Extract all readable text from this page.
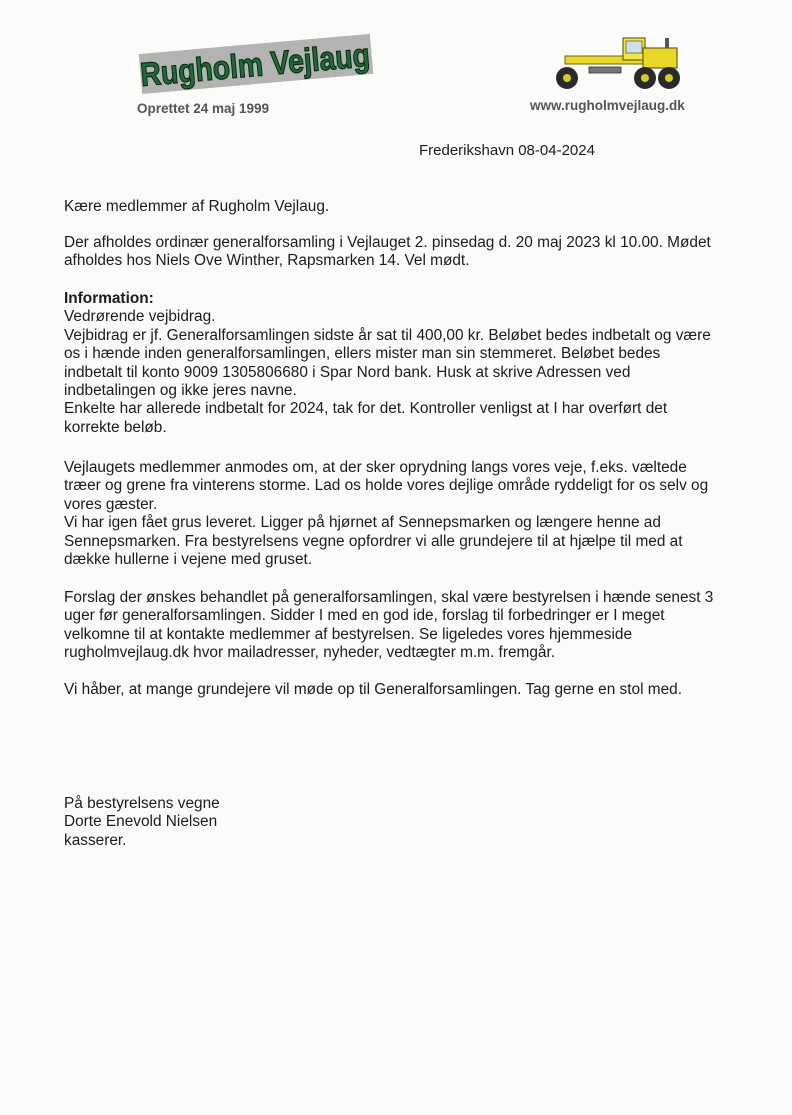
Rugholm Vejlaug
Oprettet 24 maj 1999	www.rugholmvejlaug.dk
Frederikshavn 08-04-2024

Kære medlemmer af Rugholm Vejlaug.

Der afholdes ordinær generalforsamling i Vejlauget 2. pinsedag d. 20 maj 2023 kl 10.00. Mødet

afholdes hos Niels Ove Winther, Rapsmarken 14. Vel mødt.

Information:

Vedrørende vejbidrag.

Vejbidrag er jf. Generalforsamlingen sidste år sat til 400,00 kr. Beløbet bedes indbetalt og være

os i hænde inden generalforsamlingen, ellers mister man sin stemmeret. Beløbet bedes

indbetalt til konto 9009 1305806680 i Spar Nord bank. Husk at skrive Adressen ved

indbetalingen og ikke jeres navne.

Enkelte har allerede indbetalt for 2024, tak for det. Kontroller venligst at I har overført det

korrekte beløb.

Vejlaugets medlemmer anmodes om, at der sker oprydning langs vores veje, f.eks. væltede

træer og grene fra vinterens storme. Lad os holde vores dejlige område ryddeligt for os selv og

vores gæster.

Vi har igen fået grus leveret. Ligger på hjørnet af Sennepsmarken og længere henne ad

Sennepsmarken. Fra bestyrelsens vegne opfordrer vi alle grundejere til at hjælpe til med at

dække hullerne i vejene med gruset.

Forslag der ønskes behandlet på generalforsamlingen, skal være bestyrelsen i hænde senest 3

uger før generalforsamlingen. Sidder I med en god ide, forslag til forbedringer er I meget

velkomne til at kontakte medlemmer af bestyrelsen. Se ligeledes vores hjemmeside

rugholmvejlaug.dk hvor mailadresser, nyheder, vedtægter m.m. fremgår.

Vi håber, at mange grundejere vil møde op til Generalforsamlingen. Tag gerne en stol med.

På bestyrelsens vegne

Dorte Enevold Nielsen

kasserer.
